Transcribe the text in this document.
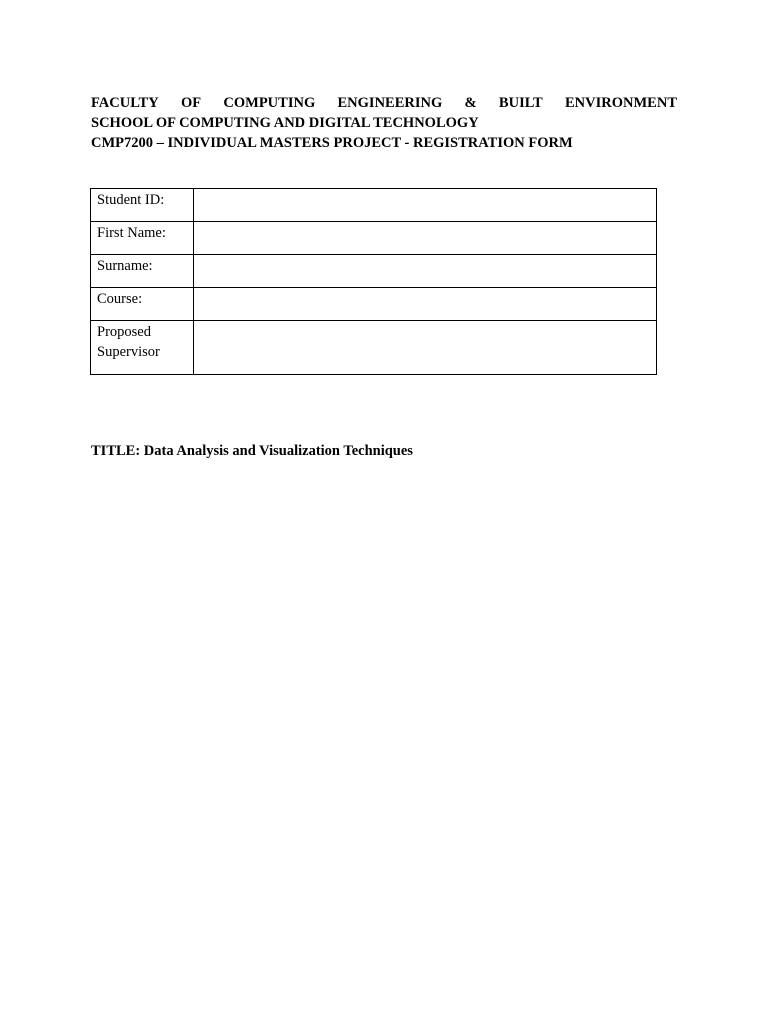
FACULTY OF COMPUTING ENGINEERING & BUILT ENVIRONMENT
SCHOOL OF COMPUTING AND DIGITAL TECHNOLOGY
CMP7200 – INDIVIDUAL MASTERS PROJECT - REGISTRATION FORM
Student ID:	
First Name:	
Surname:	
Course:	
Proposed
Supervisor	
TITLE: Data Analysis and Visualization Techniques
